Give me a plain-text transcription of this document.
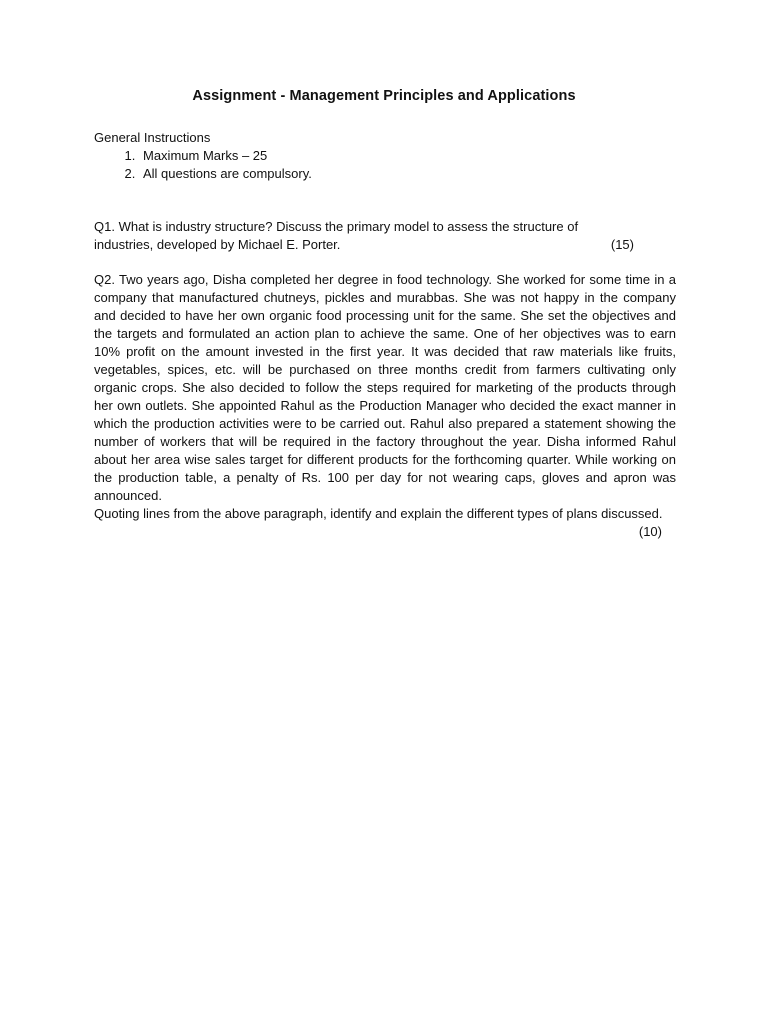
Assignment - Management Principles and Applications
General Instructions
1. Maximum Marks – 25
2. All questions are compulsory.
Q1. What is industry structure? Discuss the primary model to assess the structure of industries, developed by Michael E. Porter.	(15)

Q2. Two years ago, Disha completed her degree in food technology. She worked for some time in a company that manufactured chutneys, pickles and murabbas. She was not happy in the company and decided to have her own organic food processing unit for the same. She set the objectives and the targets and formulated an action plan to achieve the same. One of her objectives was to earn 10% profit on the amount invested in the first year. It was decided that raw materials like fruits, vegetables, spices, etc. will be purchased on three months credit from farmers cultivating only organic crops. She also decided to follow the steps required for marketing of the products through her own outlets. She appointed Rahul as the Production Manager who decided the exact manner in which the production activities were to be carried out. Rahul also prepared a statement showing the number of workers that will be required in the factory throughout the year. Disha informed Rahul about her area wise sales target for different products for the forthcoming quarter. While working on the production table, a penalty of Rs. 100 per day for not wearing caps, gloves and apron was announced.

Quoting lines from the above paragraph, identify and explain the different types of plans discussed.

(10)
